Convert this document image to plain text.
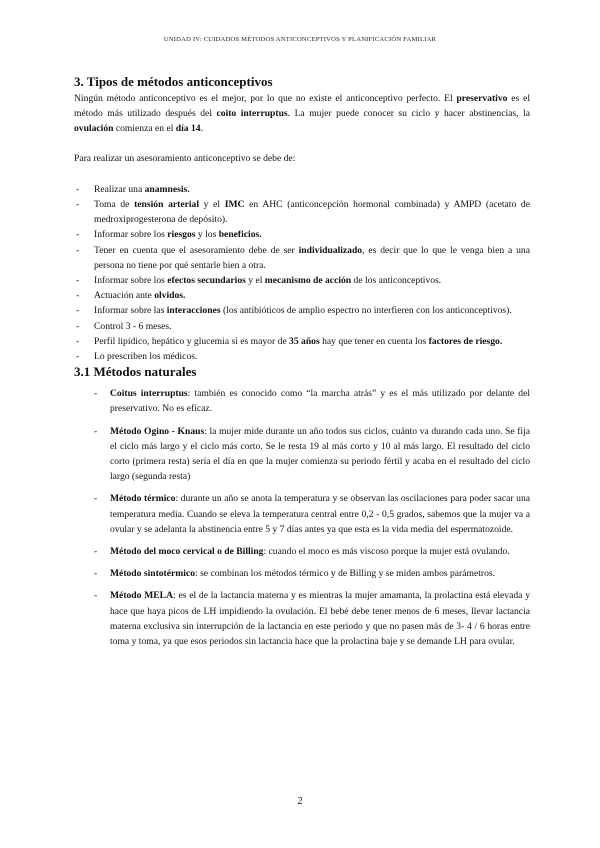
UNIDAD IV: CUIDADOS MÉTODOS ANTICONCEPTIVOS Y PLANIFICACIÓN FAMILIAR
3. Tipos de métodos anticonceptivos

Ningún método anticonceptivo es el mejor, por lo que no existe el anticonceptivo perfecto. El preservativo es el método más utilizado después del coito interruptus. La mujer puede conocer su ciclo y hacer abstinencias, la ovulación comienza en el día 14.

Para realizar un asesoramiento anticonceptivo se debe de:

- Realizar una anamnesis.
- Toma de tensión arterial y el IMC en AHC (anticoncepción hormonal combinada) y AMPD (acetato de medroxiprogesterona de depósito).
- Informar sobre los riesgos y los beneficios.
- Tener en cuenta que el asesoramiento debe de ser individualizado, es decir que lo que le venga bien a una persona no tiene por qué sentarle bien a otra.
- Informar sobre los efectos secundarios y el mecanismo de acción de los anticonceptivos.
- Actuación ante olvidos.
- Informar sobre las interacciones (los antibióticos de amplio espectro no interfieren con los anticonceptivos).
- Control 3 - 6 meses.
- Perfil lipídico, hepático y glucemia si es mayor de 35 años hay que tener en cuenta los factores de riesgo.
- Lo prescriben los médicos.
3.1 Métodos naturales
- Coitus interruptus: también es conocido como “la marcha atrás” y es el más utilizado por delante del preservativo. No es eficaz.
- Método Ogino - Knaus: la mujer mide durante un año todos sus ciclos, cuánto va durando cada uno. Se fija el ciclo más largo y el ciclo más corto. Se le resta 19 al más corto y 10 al más largo. El resultado del ciclo corto (primera resta) sería el día en que la mujer comienza su periodo fértil y acaba en el resultado del ciclo largo (segunda resta)
- Método térmico: durante un año se anota la temperatura y se observan las oscilaciones para poder sacar una temperatura media. Cuando se eleva la temperatura central entre 0,2 - 0,5 grados, sabemos que la mujer va a ovular y se adelanta la abstinencia entre 5 y 7 días antes ya que esta es la vida media del espermatozoide.
- Método del moco cervical o de Billing: cuando el moco es más viscoso porque la mujer está ovulando.
- Método sintotérmico: se combinan los métodos térmico y de Billing y se miden ambos parámetros.
- Método MELA: es el de la lactancia materna y es mientras la mujer amamanta, la prolactina está elevada y hace que haya picos de LH impidiendo la ovulación. El bebé debe tener menos de 6 meses, llevar lactancia materna exclusiva sin interrupción de la lactancia en este periodo y que no pasen más de 3- 4 / 6 horas entre toma y toma, ya que esos periodos sin lactancia hace que la prolactina baje y se demande LH para ovular.
2
